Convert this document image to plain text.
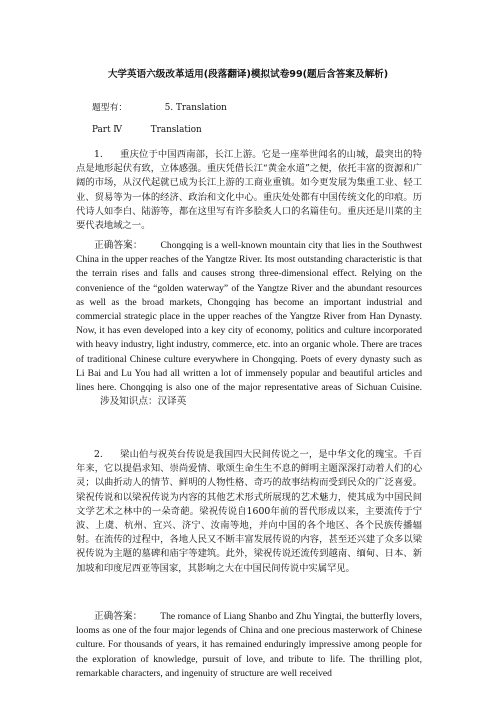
大学英语六级改革适用(段落翻译)模拟试卷99(题后含答案及解析)
题型有：	5. Translation
Part Ⅳ	Translation
1. 重庆位于中国西南部，长江上游。它是一座举世闻名的山城，最突出的特点是地形起伏有致，立体感强。重庆凭借长江“黄金水道”之便，依托丰富的资源和广阔的市场，从汉代起就已成为长江上游的工商业重镇。如今更发展为集重工业、轻工业、贸易等为一体的经济、政治和文化中心。重庆处处都有中国传统文化的印痕。历代诗人如李白、陆游等，都在这里写有许多脍炙人口的名篇佳句。重庆还是川菜的主要代表地域之一。
正确答案： Chongqing is a well-known mountain city that lies in the Southwest China in the upper reaches of the Yangtze River. Its most outstanding characteristic is that the terrain rises and falls and causes strong three-dimensional effect. Relying on the convenience of the “golden waterway” of the Yangtze River and the abundant resources as well as the broad markets, Chongqing has become an important industrial and commercial strategic place in the upper reaches of the Yangtze River from Han Dynasty. Now, it has even developed into a key city of economy, politics and culture incorporated with heavy industry, light industry, commerce, etc. into an organic whole. There are traces of traditional Chinese culture everywhere in Chongqing. Poets of every dynasty such as Li Bai and Lu You had all written a lot of immensely popular and beautiful articles and lines here. Chongqing is also one of the major representative areas of Sichuan Cuisine. 涉及知识点：汉译英
2. 梁山伯与祝英台传说是我国四大民间传说之一，是中华文化的瑰宝。千百年来，它以提倡求知、崇尚爱情、歌颂生命生生不息的鲜明主题深深打动着人们的心灵；以曲折动人的情节、鲜明的人物性格、奇巧的故事结构而受到民众的广泛喜爱。梁祝传说和以梁祝传说为内容的其他艺术形式所展现的艺术魅力，使其成为中国民间文学艺术之林中的一朵奇葩。梁祝传说自1600年前的晋代形成以来，主要流传于宁波、上虞、杭州、宜兴、济宁、汝南等地，并向中国的各个地区、各个民族传播辐射。在流传的过程中，各地人民又不断丰富发展传说的内容，甚至还兴建了众多以梁祝传说为主题的墓碑和庙宇等建筑。此外，梁祝传说还流传到越南、缅甸、日本、新加坡和印度尼西亚等国家，其影响之大在中国民间传说中实属罕见。
正确答案： The romance of Liang Shanbo and Zhu Yingtai, the butterfly lovers, looms as one of the four major legends of China and one precious masterwork of Chinese culture. For thousands of years, it has remained enduringly impressive among people for the exploration of knowledge, pursuit of love, and tribute to life. The thrilling plot, remarkable characters, and ingenuity of structure are well received
